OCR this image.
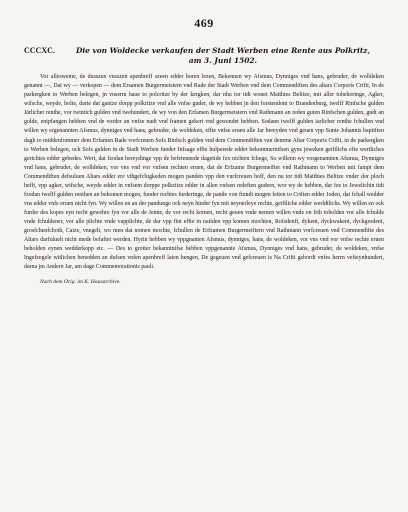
469
CCCXC.	Die von Woldecke verkaufen der Stadt Werben eine Rente aus Polkritz,
am 3. Juni 1502.

Vor allesweme, de dusszen vnsszen apenbreff szeen edder horen lezen, Bekennen wy Afsmus, Dynniges vnd hans, gebruder, de wolldeken genannt —, Dat wy — verkopen — dem Ersamen Burgermeistern vnd Rade der Stadt Werben vnd dem Commendiften des altars Corporis Crifti, In de parkergken to Werben belegen, jn vnserm haue to polcritze by der kergken, dar nhu tor tidt wonet Matthies Belitze, mit aller tobehoringe, Agker, wifsche, weyde, holte, darte dat gantze dorpp polkritze vnd alle vnfse guder, de wy hebben jn den forstendom to Brandenburg, twelff Rinfsche gulden Järlicher renthe, vor twintich gulden vnd twehundert, de wy von den Erfamen Burgermeistern vnd Rathmann an reden guten Rinfschen gulden, gudt an golde, entpfangen hebben vnd de vorder an vnfse nudt vnd framen gekert vnd gewendet hebben. Sodann twelff gulden iarlicher renthe fchullen vnd willen wy ergenannten Afsmus, dynniges vnd hans, gebruder, de woldeken, effte vnfse eruen alle Jar bereyden vnd geuen vpp Sunte Johannis baptiften dagh to middenfommer dem Erfamen Rade vorfcreuen Sofs Rinfsch gulden vnd dem Commendiften van demme Altar Corporis Crifti, in de parkergken to Werben belegen, ock Sofs gulden in de Stadt Werben funder Infsage effte hulperede edder bekummernifsen gyns jeweken geiftlichs efte wertliches gerichtes edder gebedes. Wert, dat fzodan bereydinge vpp de befetennede dagetide fzo nichten fchege, So willenn wy vorgenannten Afsmus, Dynniges vnd hans, gebruder, de wolldeken, vor vns vnd vor vnfsen rechten eruen, dat de Erfzame Burgermeifter vnd Rathmann to Werben mit fampt dem Commendiften defsuluen Altars edder ere vthgefchigkeden mogen panden vpp den vurfcreuen hoff, den nu tor tidt Matthies Belitze vnder dor ploch hefft, vpp agker, wifsche, weyde edder in vnfsem dorppe polkzitze edder in allen vnfsen redeften gudern, wor wy de hebben, dar fze to Jewelichin tidt fzodan twelff gulden renthen an bekomen mogen, funder rechtes furderinge, de pande von ftundt mogen fetten to Criften edder Joden, dat fchall wedder vns edder vnfe eruen nicht fyn. Wy willen en an der pandunge ock neyn hinder fyn mit neynerleye rechte, geiftliche edder werldtlichs. Wy willen en ock furder des kopes eyn recht gewehre fyn vor alle de Jenne, de vor recht komen, recht geuen vnde nemen willen vnde en frih toholden vor alle fchulde vnde fchuldener, vor alle plichte vnde vapplichte, de dar vpp fint effte in natiden vpp komen mochten, Rofsdenft, dykent, dyckwakent, dyckgrodent, grosfchenfchoth, Caize, vnegelt, wo men dat nomen mochte, fchullen de Erfzamen Burgermeiftern vnd Rathmann vorfcreuen vnd Commendifte des Altars darfuluelt nicht mede befaftet werden. Hyrin hebben wy vppgnanten Afsmus, dynniges, hans, de woldeken, vor vns vnd vor vnfse rechte eruen beholden eynen wedderkopp etc. — Des to grotter bekanntnifse hebben vppgenannte Afsmus, Dynniges vnd hans, gebruder, de woldeken, vnfse Ingefzegele witlichen benedden an dufsen vnfen apenbreff laten hengen, De gegeuen vnd gefcreuen is Na Crifti gebordt vnfes herrn vefteynhundert, darna jm Andern Jar, am dage Commemorationis pauli.

Nach dem Orig. im K. Hausarchive.
